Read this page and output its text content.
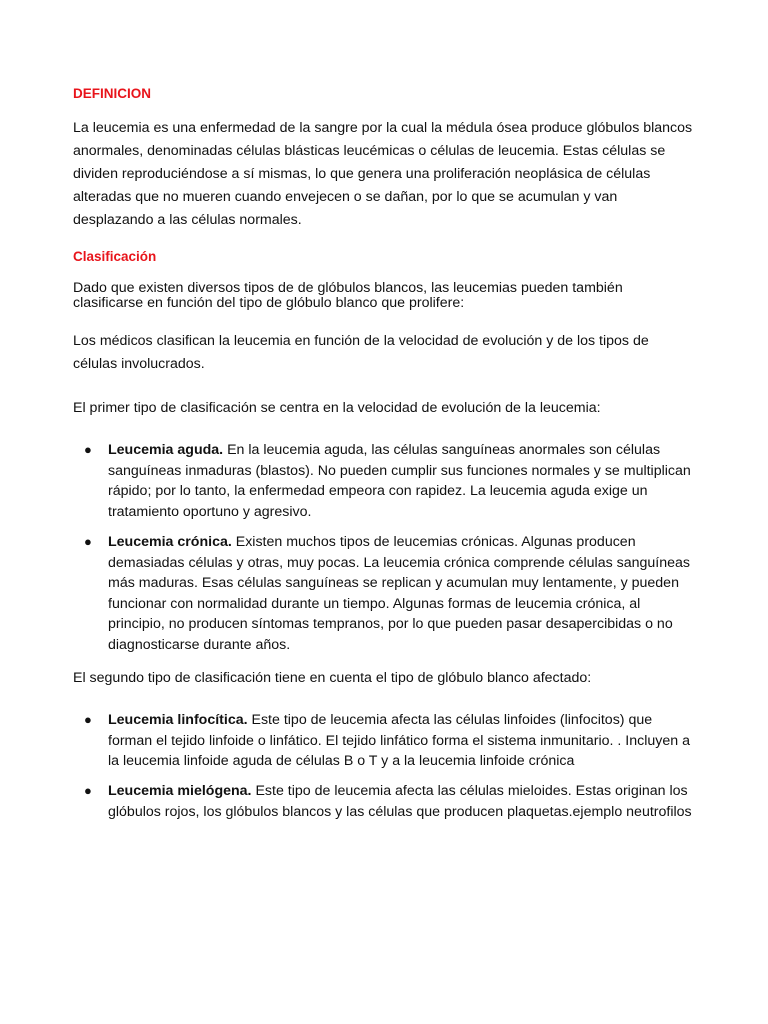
DEFINICION

La leucemia es una enfermedad de la sangre por la cual la médula ósea produce glóbulos blancos
anormales, denominadas células blásticas leucémicas o células de leucemia. Estas células se
dividen reproduciéndose a sí mismas, lo que genera una proliferación neoplásica de células
alteradas que no mueren cuando envejecen o se dañan, por lo que se acumulan y van
desplazando a las células normales.

Clasificación

Dado que existen diversos tipos de de glóbulos blancos, las leucemias pueden también
clasificarse en función del tipo de glóbulo blanco que prolifere:

Los médicos clasifican la leucemia en función de la velocidad de evolución y de los tipos de
células involucrados.

El primer tipo de clasificación se centra en la velocidad de evolución de la leucemia:

● Leucemia aguda. En la leucemia aguda, las células sanguíneas anormales son células
sanguíneas inmaduras (blastos). No pueden cumplir sus funciones normales y se multiplican
rápido; por lo tanto, la enfermedad empeora con rapidez. La leucemia aguda exige un
tratamiento oportuno y agresivo.
● Leucemia crónica. Existen muchos tipos de leucemias crónicas. Algunas producen
demasiadas células y otras, muy pocas. La leucemia crónica comprende células sanguíneas
más maduras. Esas células sanguíneas se replican y acumulan muy lentamente, y pueden
funcionar con normalidad durante un tiempo. Algunas formas de leucemia crónica, al
principio, no producen síntomas tempranos, por lo que pueden pasar desapercibidas o no
diagnosticarse durante años.

El segundo tipo de clasificación tiene en cuenta el tipo de glóbulo blanco afectado:

● Leucemia linfocítica. Este tipo de leucemia afecta las células linfoides (linfocitos) que
forman el tejido linfoide o linfático. El tejido linfático forma el sistema inmunitario. . Incluyen a
la leucemia linfoide aguda de células B o T y a la leucemia linfoide crónica
● Leucemia mielógena. Este tipo de leucemia afecta las células mieloides. Estas originan los
glóbulos rojos, los glóbulos blancos y las células que producen plaquetas.ejemplo neutrofilos
